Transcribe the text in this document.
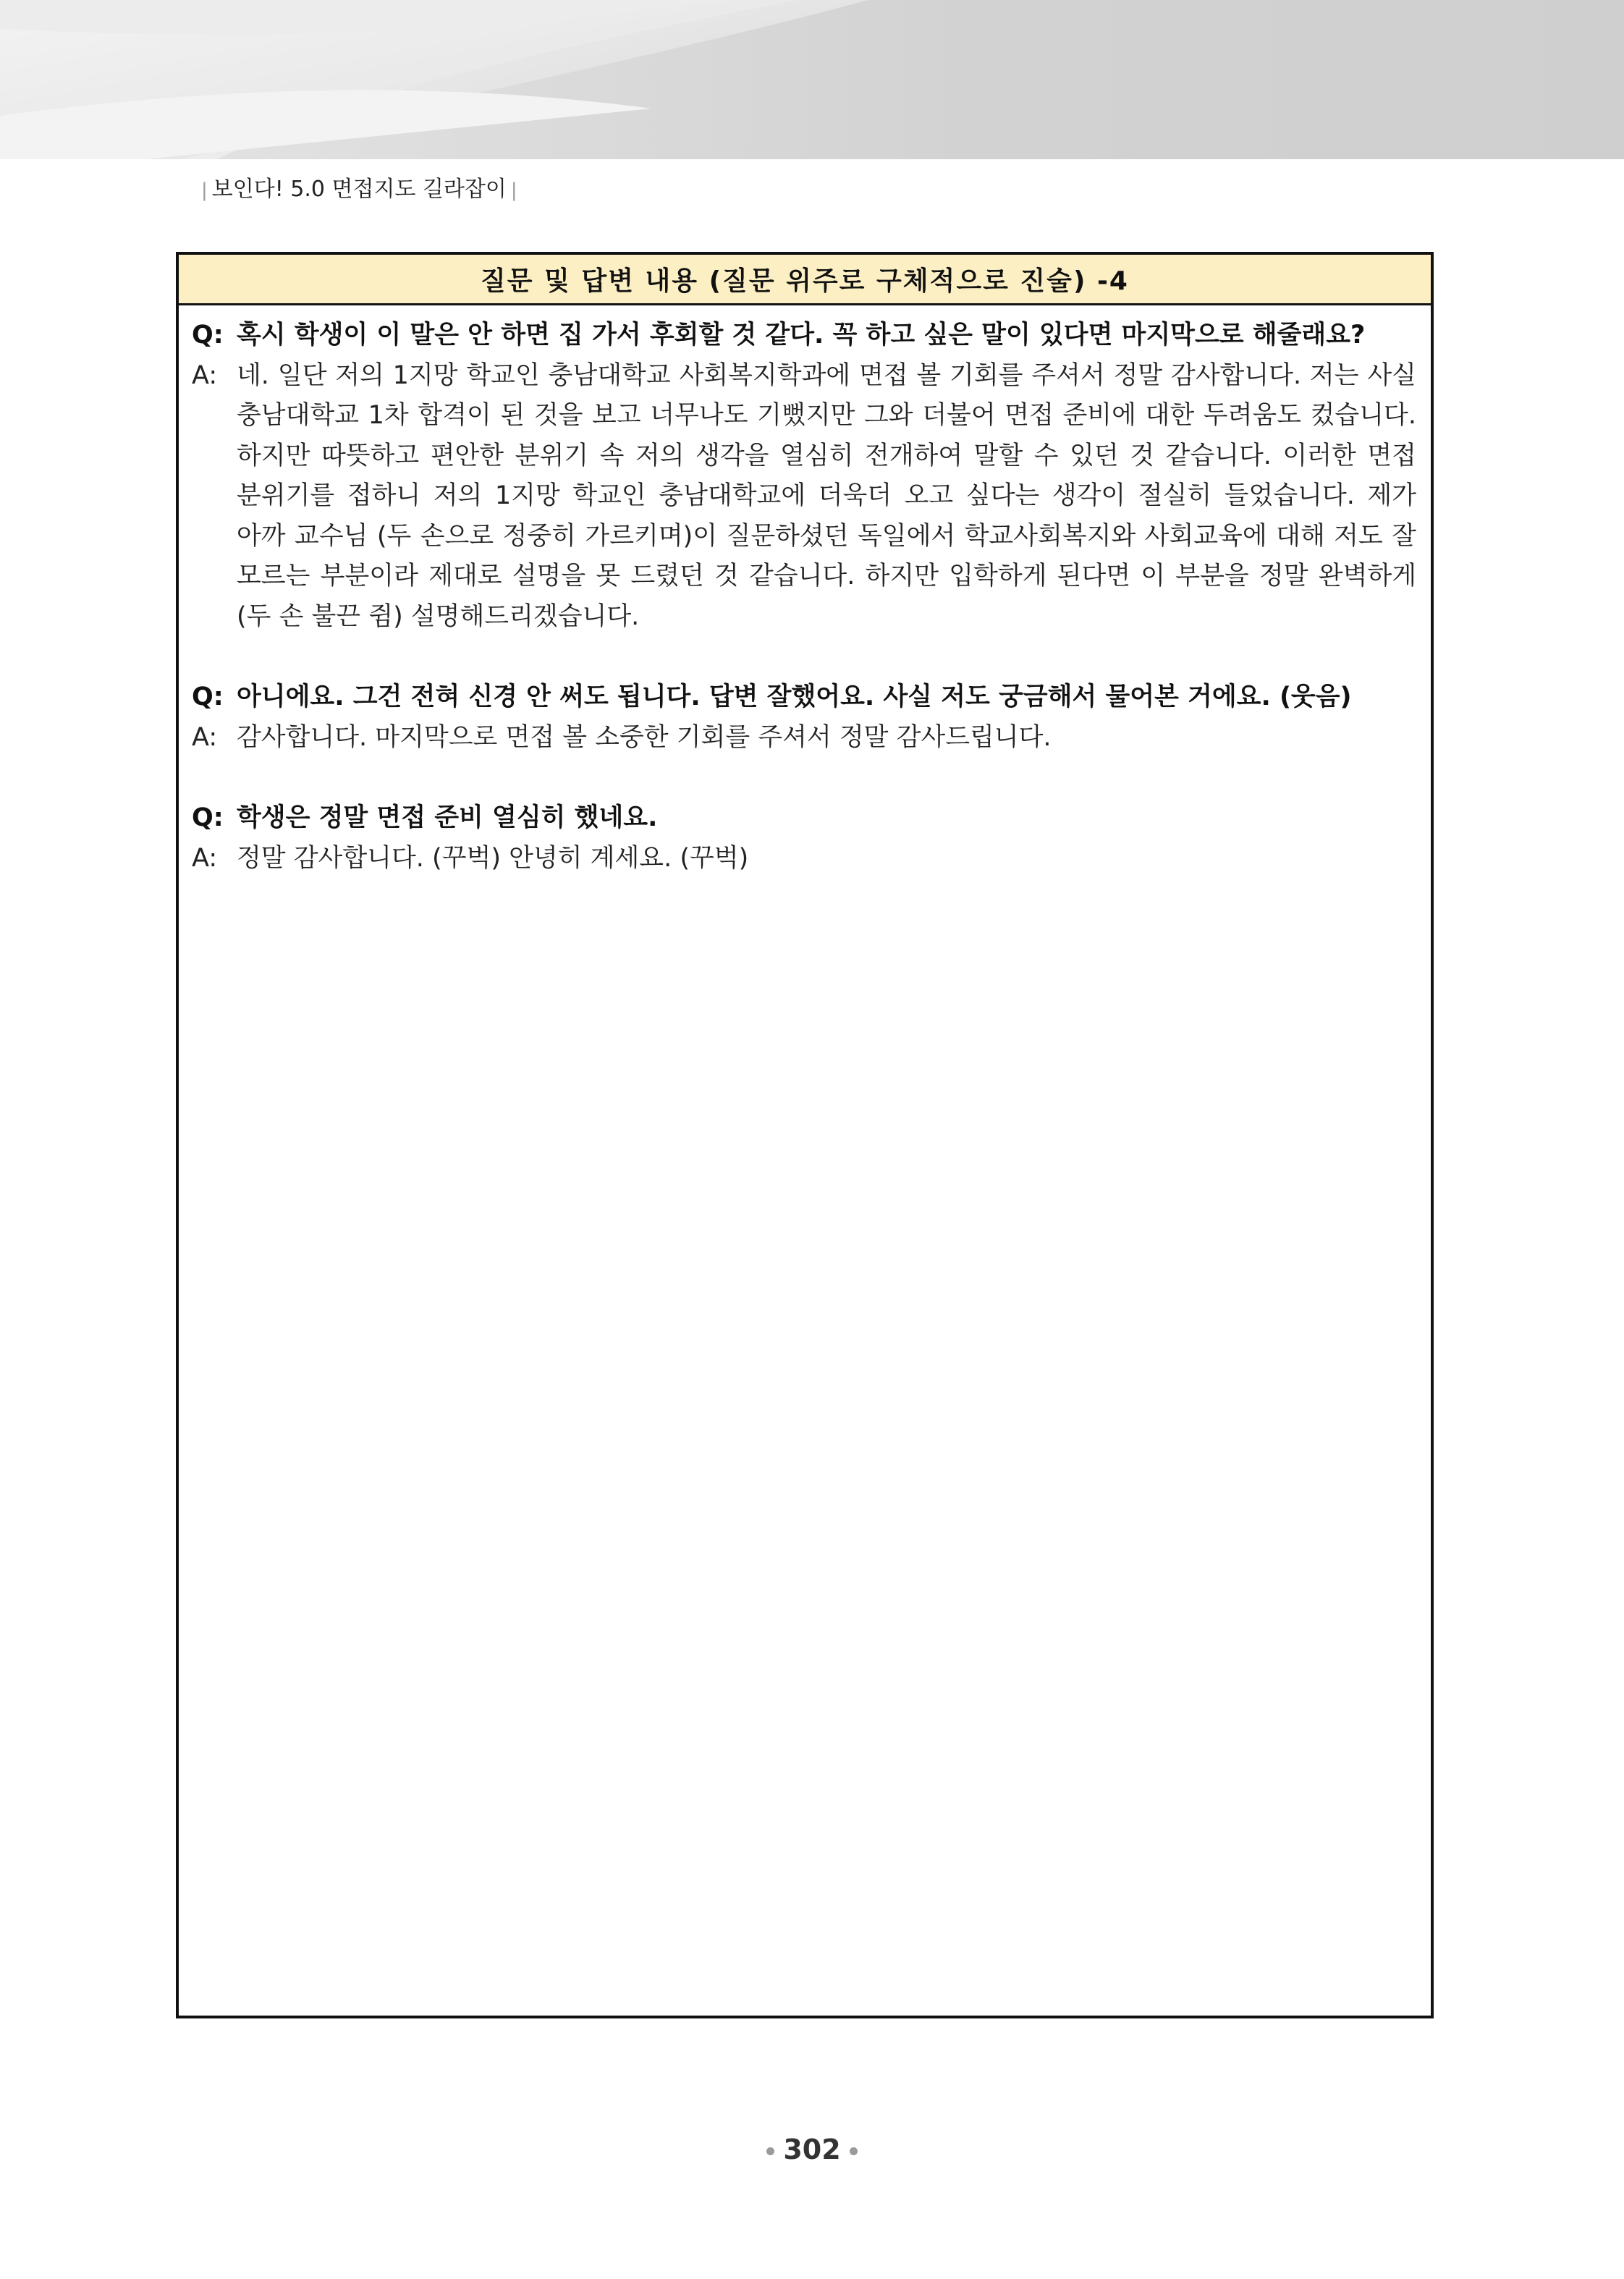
| 보인다! 5.0 면접지도 길라잡이 |
질문 및 답변 내용 (질문 위주로 구체적으로 진술) -4
Q: 혹시 학생이 이 말은 안 하면 집 가서 후회할 것 같다. 꼭 하고 싶은 말이 있다면 마지막으로 해줄래요?
A: 네. 일단 저의 1지망 학교인 충남대학교 사회복지학과에 면접 볼 기회를 주셔서 정말 감사합니다. 저는 사실 충남대학교 1차 합격이 된 것을 보고 너무나도 기뻤지만 그와 더불어 면접 준비에 대한 두려움도 컸습니다. 하지만 따뜻하고 편안한 분위기 속 저의 생각을 열심히 전개하여 말할 수 있던 것 같습니다. 이러한 면접 분위기를 접하니 저의 1지망 학교인 충남대학교에 더욱더 오고 싶다는 생각이 절실히 들었습니다. 제가 아까 교수님 (두 손으로 정중히 가르키며)이 질문하셨던 독일에서 학교사회복지와 사회교육에 대해 저도 잘 모르는 부분이라 제대로 설명을 못 드렸던 것 같습니다. 하지만 입학하게 된다면 이 부분을 정말 완벽하게 (두 손 불끈 쥠) 설명해드리겠습니다.
Q: 아니에요. 그건 전혀 신경 안 써도 됩니다. 답변 잘했어요. 사실 저도 궁금해서 물어본 거에요. (웃음)
A: 감사합니다. 마지막으로 면접 볼 소중한 기회를 주셔서 정말 감사드립니다.
Q: 학생은 정말 면접 준비 열심히 했네요.
A: 정말 감사합니다. (꾸벅) 안녕히 계세요. (꾸벅)
302
